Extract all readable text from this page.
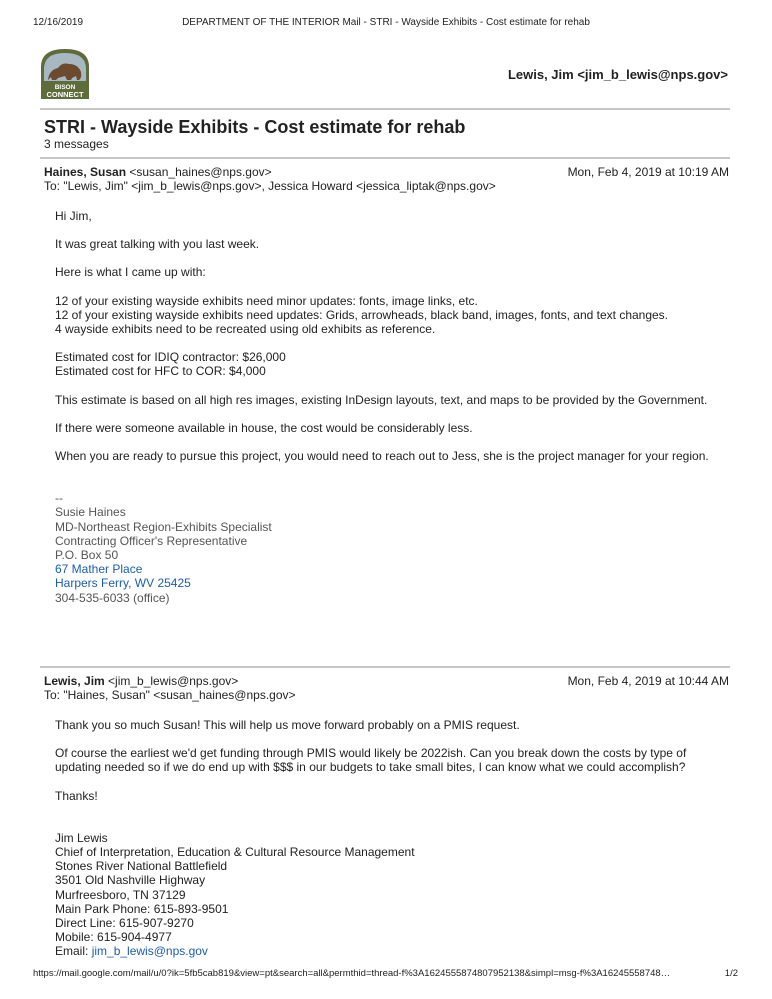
12/16/2019	DEPARTMENT OF THE INTERIOR Mail - STRI - Wayside Exhibits - Cost estimate for rehab
BISON
CONNECT
Lewis, Jim <jim_b_lewis@nps.gov>
STRI - Wayside Exhibits - Cost estimate for rehab
3 messages
Haines, Susan <susan_haines@nps.gov>
To: "Lewis, Jim" <jim_b_lewis@nps.gov>, Jessica Howard <jessica_liptak@nps.gov>
Mon, Feb 4, 2019 at 10:19 AM

Hi Jim,

It was great talking with you last week.

Here is what I came up with:

12 of your existing wayside exhibits need minor updates: fonts, image links, etc.

12 of your existing wayside exhibits need updates: Grids, arrowheads, black band, images, fonts, and text changes.

4 wayside exhibits need to be recreated using old exhibits as reference.

Estimated cost for IDIQ contractor: $26,000

Estimated cost for HFC to COR: $4,000

This estimate is based on all high res images, existing InDesign layouts, text, and maps to be provided by the Government.

If there were someone available in house, the cost would be considerably less.

When you are ready to pursue this project, you would need to reach out to Jess, she is the project manager for your region.

--

Susie Haines

MD-Northeast Region-Exhibits Specialist

Contracting Officer's Representative

P.O. Box 50

67 Mather Place

Harpers Ferry, WV 25425

304-535-6033 (office)

Lewis, Jim <jim_b_lewis@nps.gov>
To: "Haines, Susan" <susan_haines@nps.gov>
Mon, Feb 4, 2019 at 10:44 AM

Thank you so much Susan! This will help us move forward probably on a PMIS request.

Of course the earliest we'd get funding through PMIS would likely be 2022ish. Can you break down the costs by type of updating needed so if we do end up with $$$ in our budgets to take small bites, I can know what we could accomplish?

Thanks!

Jim Lewis

Chief of Interpretation, Education & Cultural Resource Management

Stones River National Battlefield

3501 Old Nashville Highway

Murfreesboro, TN 37129

Main Park Phone: 615-893-9501

Direct Line: 615-907-9270

Mobile: 615-904-4977

Email: jim_b_lewis@nps.gov

https://mail.google.com/mail/u/0?ik=5fb5cab819&view=pt&search=all&permthid=thread-f%3A1624555874807952138&simpl=msg-f%3A16245558748…	1/2
